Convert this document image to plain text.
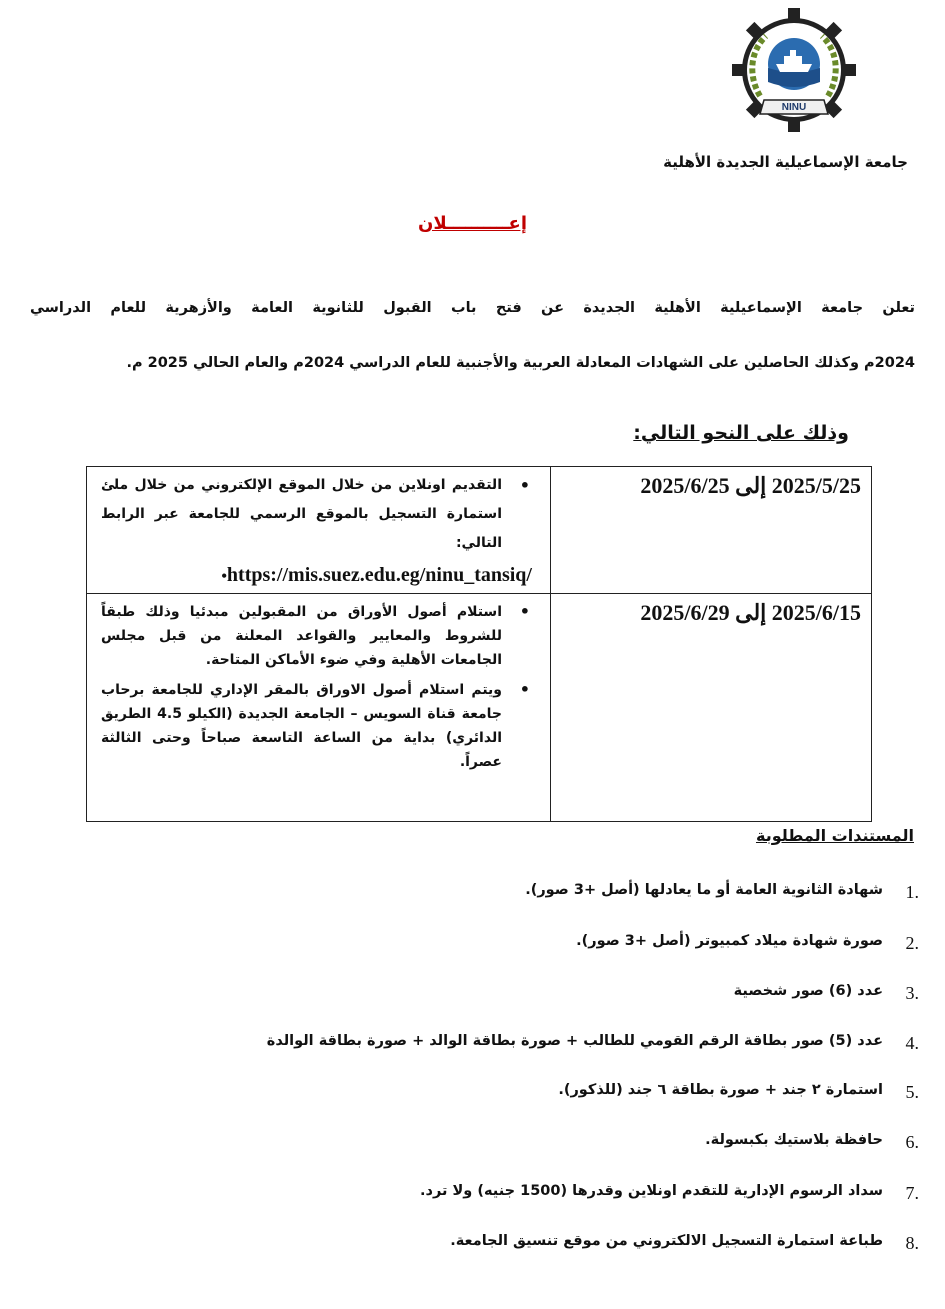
NINU
جامعة الإسماعيلية الجديدة الأهلية
إعــــــــــلان
تعلن جامعة الإسماعيلية الأهلية الجديدة عن فتح باب القبول للثانوية العامة والأزهرية للعام الدراسي
2024م وكذلك الحاصلين على الشهادات المعادلة العربية والأجنبية للعام الدراسي 2024م والعام الحالي 2025 م.
وذلك على النحو التالي:
2025/5/25 إلى 2025/6/25	• التقديم اونلاين من خلال الموقع الإلكتروني من خلال ملئ استمارة التسجيل بالموقع الرسمي للجامعة عبر الرابط التالي:
•https://mis.suez.edu.eg/ninu_tansiq/

2025/6/15 إلى 2025/6/29	• استلام أصول الأوراق من المقبولين مبدئيا وذلك طبقاً للشروط والمعايير والقواعد المعلنة من قبل مجلس الجامعات الأهلية وفي ضوء الأماكن المتاحة.
• ويتم استلام أصول الاوراق بالمقر الإداري للجامعة برحاب جامعة قناة السويس – الجامعة الجديدة (الكيلو 4.5 الطريق الدائري) بداية من الساعة التاسعة صباحاً وحتى الثالثة عصراً.
المستندات المطلوبة
1.
شهادة الثانوية العامة أو ما يعادلها (أصل +3 صور).
2.
صورة شهادة ميلاد كمبيوتر (أصل +3 صور).
3.
عدد (6) صور شخصية
4.
عدد (5) صور بطاقة الرقم القومي للطالب + صورة بطاقة الوالد + صورة بطاقة الوالدة
5.
استمارة ٢ جند + صورة بطاقة ٦ جند (للذكور).
6.
حافظة بلاستيك بكبسولة.
7.
سداد الرسوم الإدارية للتقدم اونلاين وقدرها (1500 جنيه) ولا ترد.
8.
طباعة استمارة التسجيل الالكتروني من موقع تنسيق الجامعة.
